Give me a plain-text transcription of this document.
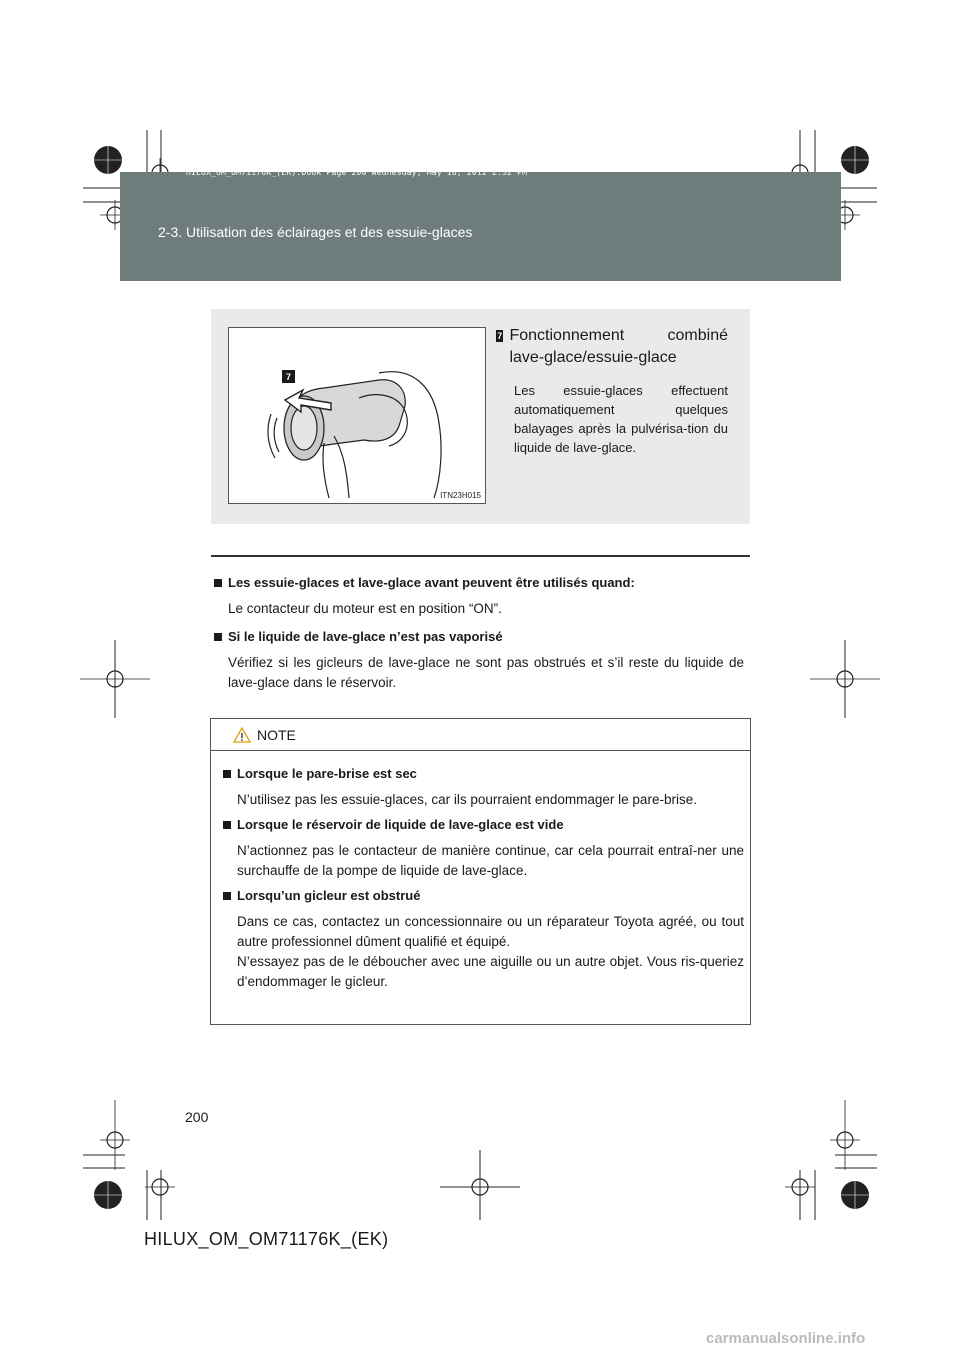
HILUX_OM_OM71176K_(EK).book Page 200 Wednesday, May 16, 2012 2:32 PM
2-3. Utilisation des éclairages et des essuie-glaces
7
ITN23H015
7 Fonctionnement combiné lave-glace/essuie-glace
Les essuie-glaces effectuent automatiquement quelques balayages après la pulvérisa-tion du liquide de lave-glace.
Les essuie-glaces et lave-glace avant peuvent être utilisés quand:
Le contacteur du moteur est en position “ON”.
Si le liquide de lave-glace n’est pas vaporisé
Vérifiez si les gicleurs de lave-glace ne sont pas obstrués et s’il reste du liquide de lave-glace dans le réservoir.
NOTE
Lorsque le pare-brise est sec
N’utilisez pas les essuie-glaces, car ils pourraient endommager le pare-brise.
Lorsque le réservoir de liquide de lave-glace est vide
N’actionnez pas le contacteur de manière continue, car cela pourrait entraî-ner une surchauffe de la pompe de liquide de lave-glace.
Lorsqu’un gicleur est obstrué
Dans ce cas, contactez un concessionnaire ou un réparateur Toyota agréé, ou tout autre professionnel dûment qualifié et équipé.
N’essayez pas de le déboucher avec une aiguille ou un autre objet. Vous ris-queriez d’endommager le gicleur.
200
HILUX_OM_OM71176K_(EK)
carmanualsonline.info
